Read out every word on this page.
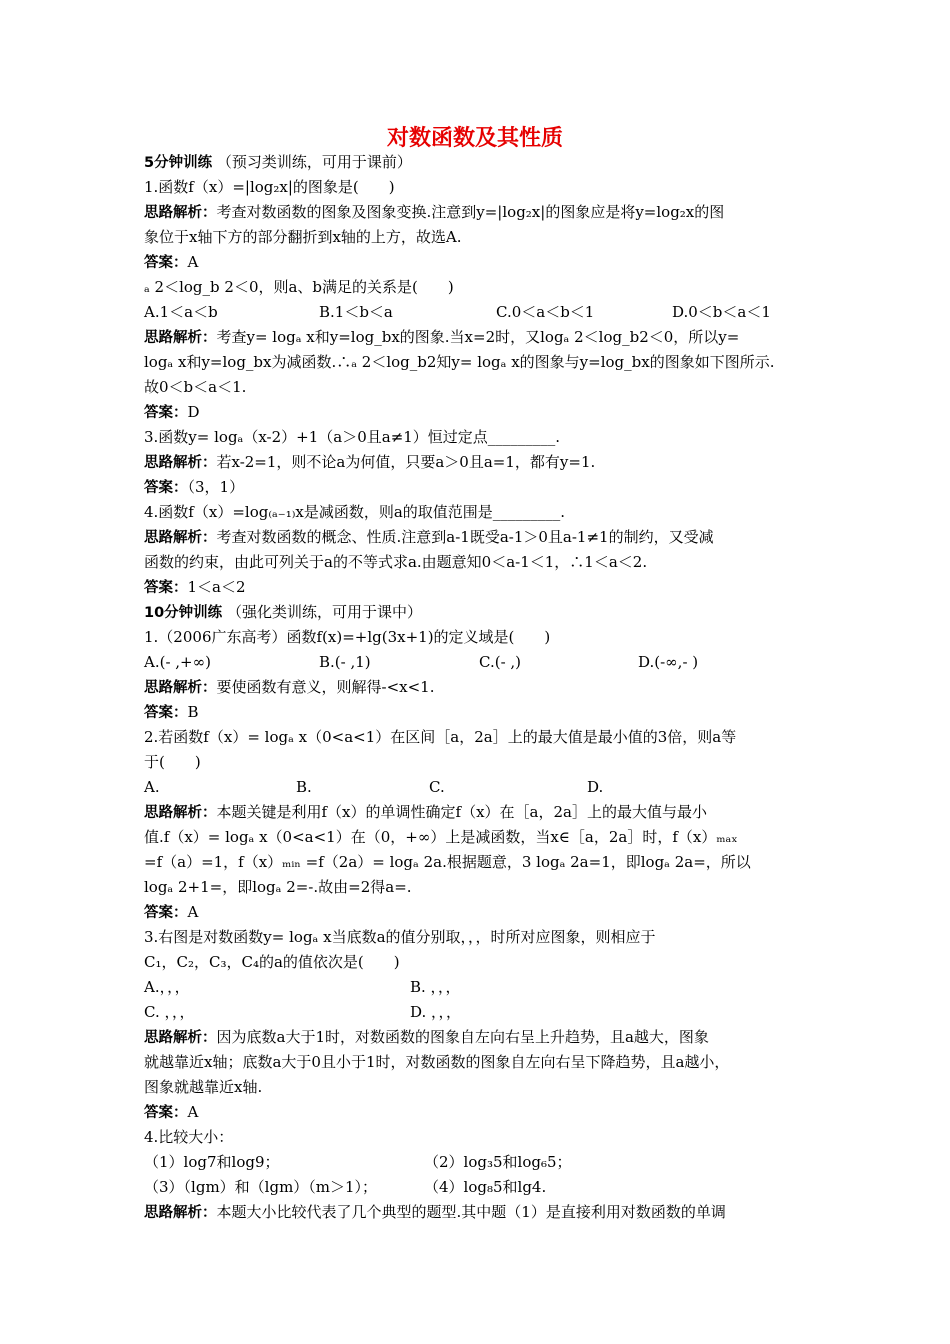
对数函数及其性质
5分钟训练 （预习类训练，可用于课前）
1.函数f（x）=|log₂x|的图象是(　　)
思路解析：考查对数函数的图象及图象变换.注意到y=|log₂x|的图象应是将y=log₂x的图
象位于x轴下方的部分翻折到x轴的上方，故选A.
答案：A
ₐ 2＜log_b 2＜0，则a、b满足的关系是(　　)
A.1＜a＜b	B.1＜b＜a	C.0＜a＜b＜1	D.0＜b＜a＜1
思路解析：考查y= logₐ x和y=log_bx的图象.当x=2时，又logₐ 2＜log_b2＜0，所以y=
logₐ x和y=log_bx为减函数.∴ₐ 2＜log_b2知y= logₐ x的图象与y=log_bx的图象如下图所示.
故0＜b＜a＜1.
答案：D
3.函数y= logₐ（x-2）+1（a＞0且a≠1）恒过定点_________.
思路解析：若x-2=1，则不论a为何值，只要a＞0且a=1，都有y=1.
答案：（3，1）
4.函数f（x）=log₍ₐ₋₁₎x是减函数，则a的取值范围是_________.
思路解析：考查对数函数的概念、性质.注意到a-1既受a-1＞0且a-1≠1的制约，又受减
函数的约束，由此可列关于a的不等式求a.由题意知0＜a-1＜1，∴1＜a＜2.
答案：1＜a＜2
10分钟训练 （强化类训练，可用于课中）
1.（2006广东高考）函数f(x)=+lg(3x+1)的定义域是(　　)
A.(- ,+∞)	B.(- ,1)	C.(- ,)	D.(-∞,- )
思路解析：要使函数有意义，则解得-<x<1.
答案：B
2.若函数f（x）= logₐ x（0<a<1）在区间［a，2a］上的最大值是最小值的3倍，则a等
于(　　)
A.	B.	C.	D.
思路解析：本题关键是利用f（x）的单调性确定f（x）在［a，2a］上的最大值与最小
值.f（x）= logₐ x（0<a<1）在（0，+∞）上是减函数，当x∈［a，2a］时，f（x）ₘₐₓ
=f（a）=1，f（x）ₘᵢₙ =f（2a）= logₐ 2a.根据题意，3 logₐ 2a=1，即logₐ 2a=，所以
logₐ 2+1=，即logₐ 2=-.故由=2得a=.
答案：A
3.右图是对数函数y= logₐ x当底数a的值分别取，，，时所对应图象，则相应于
C₁，C₂，C₃，C₄的a的值依次是(　　)
A.，，，	B. ，，，
C. ，，，	D. ，，，
思路解析：因为底数a大于1时，对数函数的图象自左向右呈上升趋势，且a越大，图象
就越靠近x轴；底数a大于0且小于1时，对数函数的图象自左向右呈下降趋势，且a越小，
图象就越靠近x轴.
答案：A
4.比较大小：
（1）log7和log9；	（2）log₃5和log₆5；
（3）（lgm）和（lgm）（m＞1）；	（4）log₈5和lg4.
思路解析：本题大小比较代表了几个典型的题型.其中题（1）是直接利用对数函数的单调
